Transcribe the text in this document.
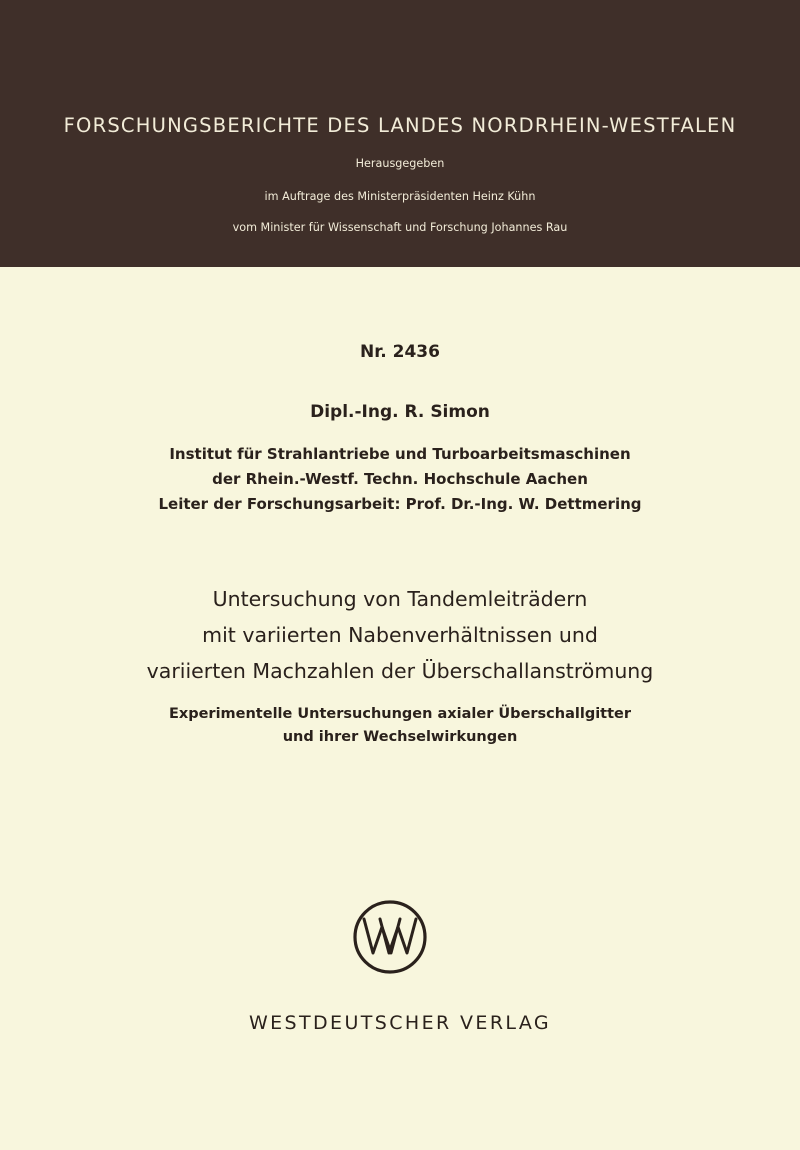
FORSCHUNGSBERICHTE DES LANDES NORDRHEIN-WESTFALEN
Herausgegeben
im Auftrage des Ministerpräsidenten Heinz Kühn
vom Minister für Wissenschaft und Forschung Johannes Rau
Nr. 2436
Dipl.-Ing. R. Simon
Institut für Strahlantriebe und Turboarbeitsmaschinen
der Rhein.-Westf. Techn. Hochschule Aachen
Leiter der Forschungsarbeit: Prof. Dr.-Ing. W. Dettmering
Untersuchung von Tandemleiträdern
mit variierten Nabenverhältnissen und
variierten Machzahlen der Überschallanströmung
Experimentelle Untersuchungen axialer Überschallgitter
und ihrer Wechselwirkungen
WESTDEUTSCHER VERLAG
